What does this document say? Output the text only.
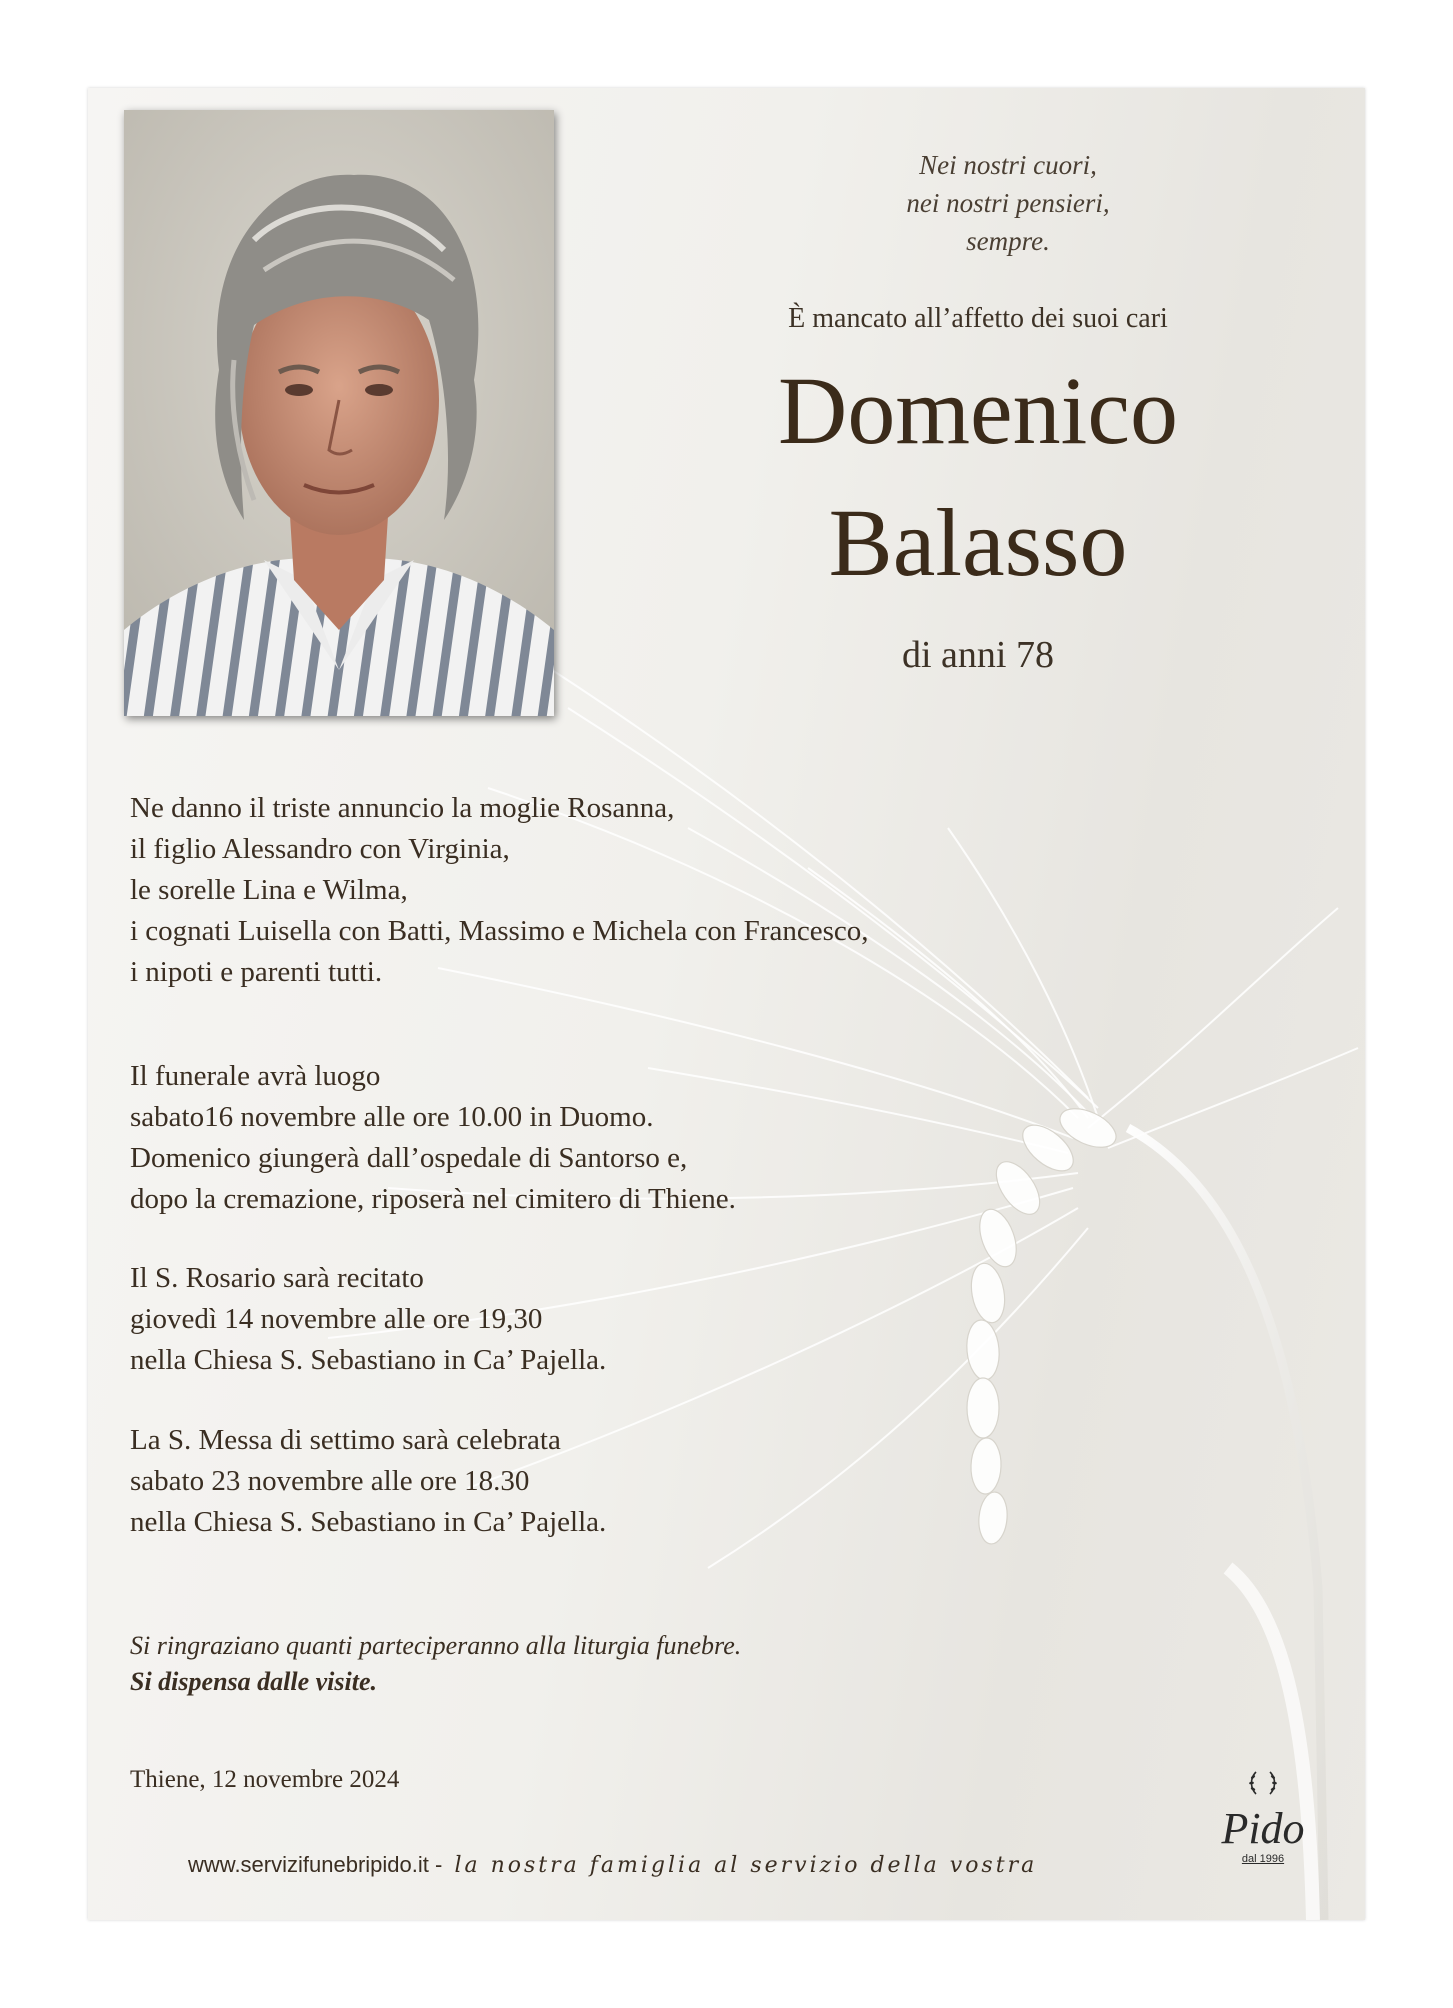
Nei nostri cuori,
nei nostri pensieri,
sempre.
È mancato all’affetto dei suoi cari
Domenico
Balasso
di anni 78
Ne danno il triste annuncio la moglie Rosanna,
il figlio Alessandro con Virginia,
le sorelle Lina e Wilma,
i cognati Luisella con Batti, Massimo e Michela con Francesco,
i nipoti e parenti tutti.
Il funerale avrà luogo
sabato16 novembre alle ore 10.00 in Duomo.
Domenico giungerà dall’ospedale di Santorso e,
dopo la cremazione, riposerà nel cimitero di Thiene.
Il S. Rosario sarà recitato
giovedì 14 novembre alle ore 19,30
nella Chiesa S. Sebastiano in Ca’ Pajella.
La S. Messa di settimo sarà celebrata
sabato 23 novembre alle ore 18.30
nella Chiesa S. Sebastiano in Ca’ Pajella.
Si ringraziano quanti parteciperanno alla liturgia funebre.
Si dispensa dalle visite.
Thiene, 12 novembre 2024
www.servizifunebripido.it - la nostra famiglia al servizio della vostra
Pido
dal 1996
